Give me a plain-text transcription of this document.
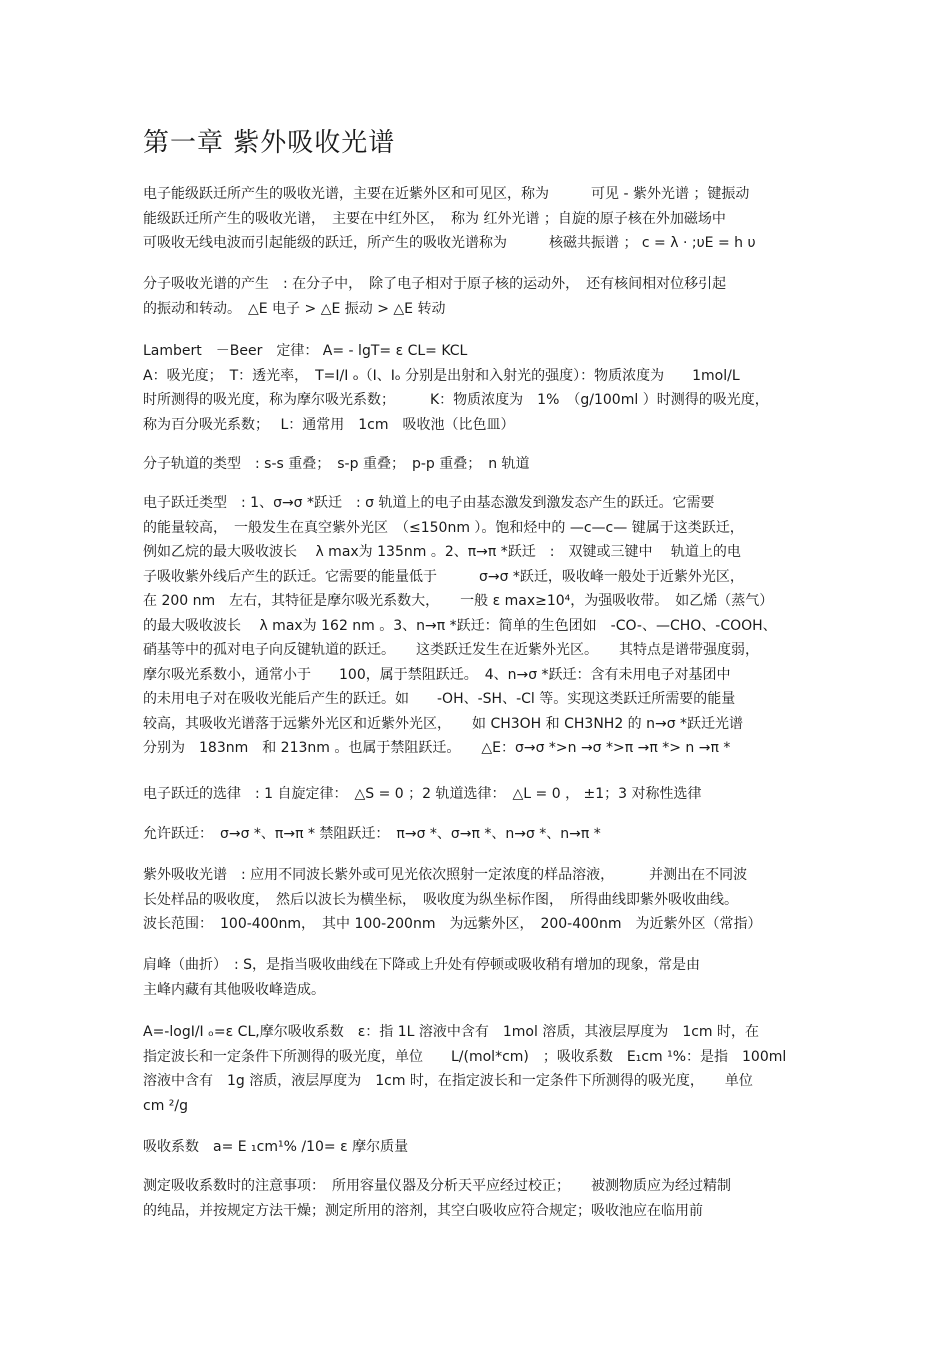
第一章 紫外吸收光谱
电子能级跃迁所产生的吸收光谱，主要在近紫外区和可见区，称为　　　可见 - 紫外光谱 ；键振动
能级跃迁所产生的吸收光谱，　主要在中红外区，　称为 红外光谱 ；自旋的原子核在外加磁场中
可吸收无线电波而引起能级的跃迁，所产生的吸收光谱称为　　　核磁共振谱 ； c = λ · ;υE = h υ
分子吸收光谱的产生　: 在分子中，　除了电子相对于原子核的运动外，　还有核间相对位移引起
的振动和转动。　△E 电子 > △E 振动 > △E 转动
Lambert　－Beer　定律： A= - lgT= ε CL= KCL
A：吸光度；　T：透光率，　T=I/I ₒ（I、Iₒ 分别是出射和入射光的强度）：物质浓度为　　1mol/L
时所测得的吸光度，称为摩尔吸光系数；　　　K：物质浓度为　1%　（g/100ml ）时测得的吸光度，
称为百分吸光系数；　 L：通常用　1cm　吸收池（比色皿）
分子轨道的类型　: s-s 重叠；　s-p 重叠；　p-p 重叠；　n 轨道
电子跃迁类型　: 1、σ→σ *跃迁　: σ 轨道上的电子由基态激发到激发态产生的跃迁。它需要
的能量较高，　一般发生在真空紫外光区　（≤150nm ）。饱和烃中的 —c—c— 键属于这类跃迁，
例如乙烷的最大吸收波长　 λ max为 135nm 。2、π→π *跃迁　:　双键或三键中　 轨道上的电
子吸收紫外线后产生的跃迁。它需要的能量低于　　　σ→σ *跃迁，吸收峰一般处于近紫外光区，
在 200 nm　左右，其特征是摩尔吸光系数大，　　一般 ε max≥10⁴，为强吸收带。　如乙烯（蒸气）
的最大吸收波长　 λ max为 162 nm 。3、n→π *跃迁：简单的生色团如　-CO-、—CHO、-COOH、
硝基等中的孤对电子向反键轨道的跃迁。　　这类跃迁发生在近紫外光区。　　其特点是谱带强度弱，
摩尔吸光系数小，通常小于　　100，属于禁阻跃迁。　4、n→σ *跃迁：含有未用电子对基团中
的未用电子对在吸收光能后产生的跃迁。如　　-OH、-SH、-Cl 等。实现这类跃迁所需要的能量
较高，其吸收光谱落于远紫外光区和近紫外光区，　　如 CH3OH 和 CH3NH2 的 n→σ *跃迁光谱
分别为　183nm　和 213nm 。也属于禁阻跃迁。　　△E：σ→σ *>n →σ *>π →π *> n →π *
电子跃迁的选律　: 1 自旋定律：　△S = 0 ；2 轨道选律：　△L = 0 ， ±1；3 对称性选律
允许跃迁：　σ→σ *、π→π * 禁阻跃迁：　π→σ *、σ→π *、n→σ *、n→π *
紫外吸收光谱　: 应用不同波长紫外或可见光依次照射一定浓度的样品溶液，　　　并测出在不同波
长处样品的吸收度，　然后以波长为横坐标，　吸收度为纵坐标作图，　所得曲线即紫外吸收曲线。
波长范围：　100-400nm，　其中 100-200nm　为远紫外区，　200-400nm　为近紫外区（常指）
肩峰（曲折）　: S，是指当吸收曲线在下降或上升处有停顿或吸收稍有增加的现象，常是由
主峰内藏有其他吸收峰造成。
A=-logI/I ₒ=ε CL,摩尔吸收系数　ε：指 1L 溶液中含有　1mol 溶质，其液层厚度为　1cm 时，在
指定波长和一定条件下所测得的吸光度，单位　　L/(mol*cm)　；吸收系数　E₁cm ¹%：是指　100ml
溶液中含有　1g 溶质，液层厚度为　1cm 时，在指定波长和一定条件下所测得的吸光度，　　单位
cm ²/g
吸收系数　a= E ₁cm¹% /10= ε 摩尔质量
测定吸收系数时的注意事项：　所用容量仪器及分析天平应经过校正；　　被测物质应为经过精制
的纯品，并按规定方法干燥；测定所用的溶剂，其空白吸收应符合规定；吸收池应在临用前
